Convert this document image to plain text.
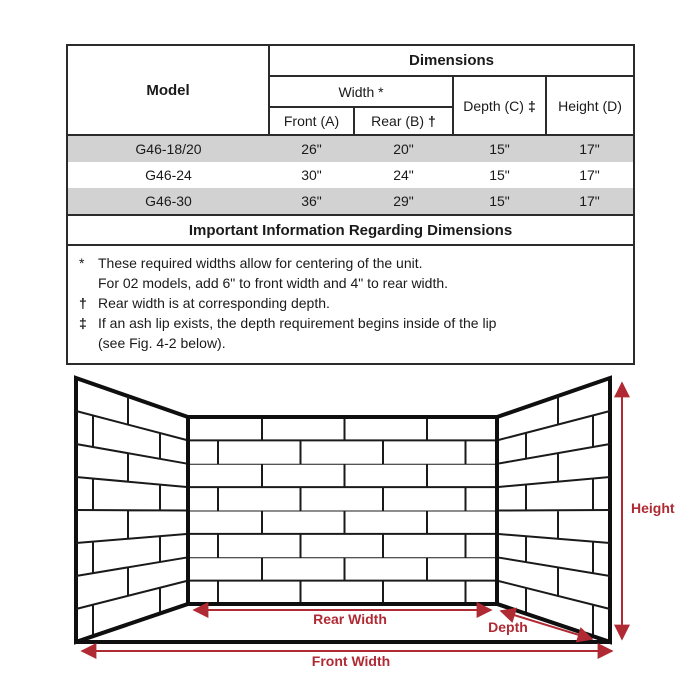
Model	Dimensions			
	Width *		Depth (C) ‡	Height (D)
	Front (A)	Rear (B) †		
G46-18/20	26"	20"	15"	17"
G46-24	30"	24"	15"	17"
G46-30	36"	29"	15"	17"
Important Information Regarding Dimensions				

* These required widths allow for centering of the unit.
For 02 models, add 6" to front width and 4" to rear width.
† Rear width is at corresponding depth.
‡ If an ash lip exists, the depth requirement begins inside of the lip
(see Fig. 4-2 below).
Rear Width	Depth
Front Width
Height
